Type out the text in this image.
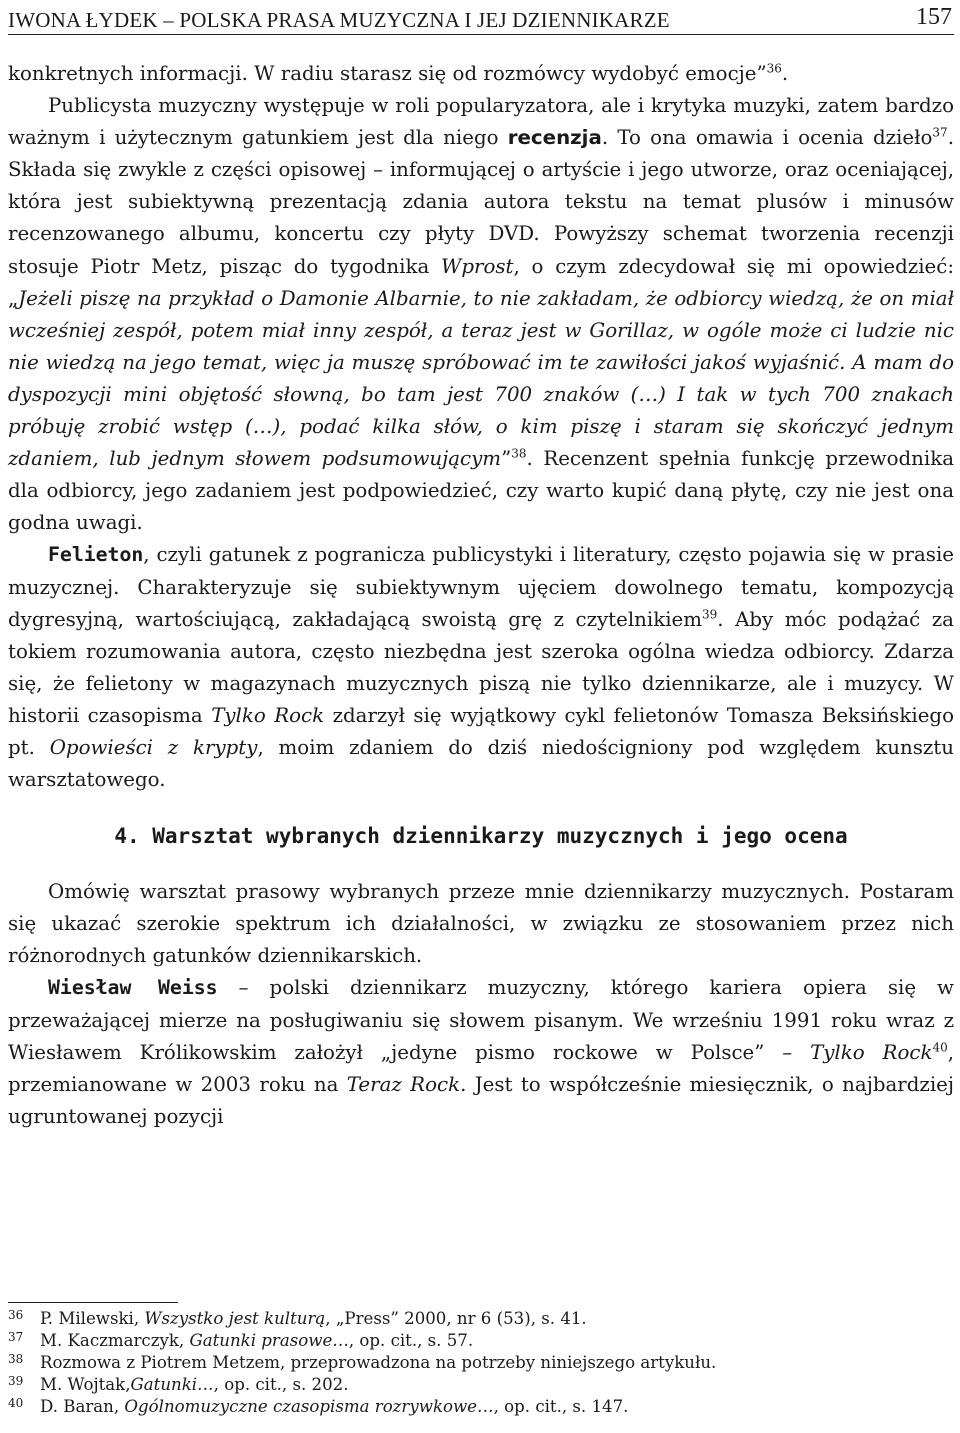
IWONA ŁYDEK – POLSKA PRASA MUZYCZNA I JEJ DZIENNIKARZE	157

konkretnych informacji. W radiu starasz się od rozmówcy wydobyć emocje”$^{36}$.

Publicysta muzyczny występuje w roli popularyzatora, ale i krytyka muzyki, zatem bardzo ważnym i użytecznym gatunkiem jest dla niego recenzja. To ona omawia i ocenia dzieło$^{37}$. Składa się zwykle z części opisowej – informującej o artyście i jego utworze, oraz oceniającej, która jest subiektywną prezentacją zdania autora tekstu na temat plusów i minusów recenzowanego albumu, koncertu czy płyty DVD. Powyższy schemat tworzenia recenzji stosuje Piotr Metz, pisząc do tygodnika Wprost, o czym zdecydował się mi opowiedzieć: „Jeżeli piszę na przykład o Damonie Albarnie, to nie zakładam, że odbiorcy wiedzą, że on miał wcześniej zespół, potem miał inny zespół, a teraz jest w Gorillaz, w ogóle może ci ludzie nic nie wiedzą na jego temat, więc ja muszę spróbować im te zawiłości jakoś wyjaśnić. A mam do dyspozycji mini objętość słowną, bo tam jest 700 znaków (…) I tak w tych 700 znakach próbuję zrobić wstęp (…), podać kilka słów, o kim piszę i staram się skończyć jednym zdaniem, lub jednym słowem podsumowującym”$^{38}$. Recenzent spełnia funkcję przewodnika dla odbiorcy, jego zadaniem jest podpowiedzieć, czy warto kupić daną płytę, czy nie jest ona godna uwagi.

Felieton, czyli gatunek z pogranicza publicystyki i literatury, często pojawia się w prasie muzycznej. Charakteryzuje się subiektywnym ujęciem dowolnego tematu, kompozycją dygresyjną, wartościującą, zakładającą swoistą grę z czytelnikiem$^{39}$. Aby móc podążać za tokiem rozumowania autora, często niezbędna jest szeroka ogólna wiedza odbiorcy. Zdarza się, że felietony w magazynach muzycznych piszą nie tylko dziennikarze, ale i muzycy. W historii czasopisma Tylko Rock zdarzył się wyjątkowy cykl felietonów Tomasza Beksińskiego pt. Opowieści z krypty, moim zdaniem do dziś niedościgniony pod względem kunsztu warsztatowego.

4. Warsztat wybranych dziennikarzy muzycznych i jego ocena

Omówię warsztat prasowy wybranych przeze mnie dziennikarzy muzycznych. Postaram się ukazać szerokie spektrum ich działalności, w związku ze stosowaniem przez nich różnorodnych gatunków dziennikarskich.

Wiesław Weiss – polski dziennikarz muzyczny, którego kariera opiera się w przeważającej mierze na posługiwaniu się słowem pisanym. We wrześniu 1991 roku wraz z Wiesławem Królikowskim założył „jedyne pismo rockowe w Polsce” – Tylko Rock$^{40}$, przemianowane w 2003 roku na Teraz Rock. Jest to współcześnie miesięcznik, o najbardziej ugruntowanej pozycji

36 P. Milewski, Wszystko jest kulturą, „Press” 2000, nr 6 (53), s. 41.
37 M. Kaczmarczyk, Gatunki prasowe…, op. cit., s. 57.
38 Rozmowa z Piotrem Metzem, przeprowadzona na potrzeby niniejszego artykułu.
39 M. Wojtak,Gatunki…, op. cit., s. 202.
40 D. Baran, Ogólnomuzyczne czasopisma rozrywkowe…, op. cit., s. 147.
